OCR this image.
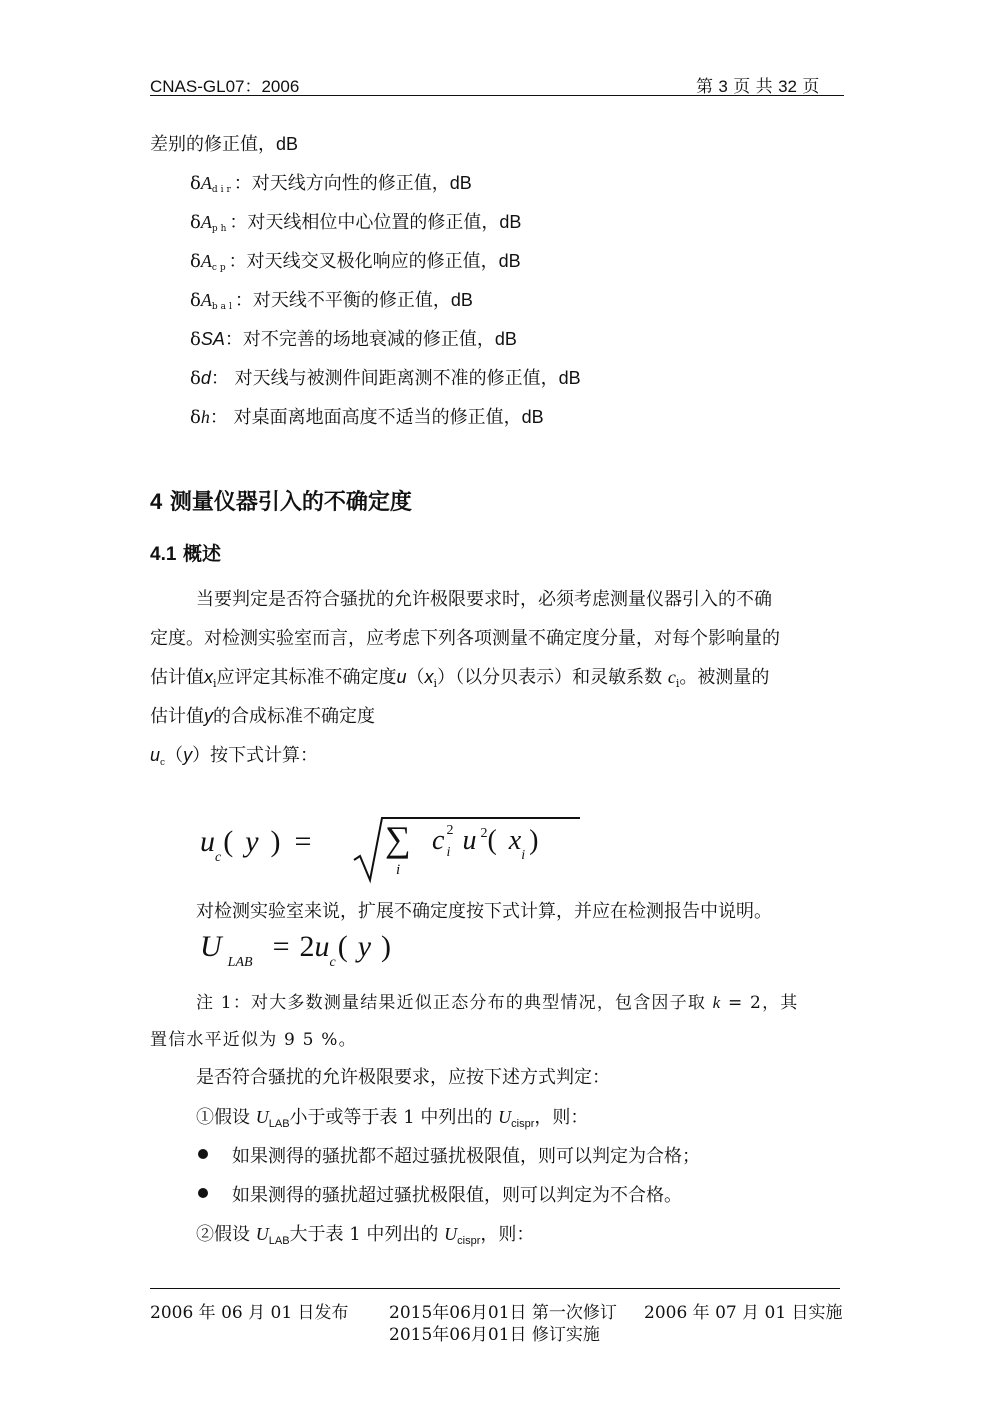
CNAS-GL07：2006	第 3 页 共 32 页
差别的修正值，dB
δAdir：对天线方向性的修正值，dB
δAph：对天线相位中心位置的修正值，dB
δAcp：对天线交叉极化响应的修正值，dB
δAbal：对天线不平衡的修正值，dB
δSA：对不完善的场地衰减的修正值，dB
δd： 对天线与被测件间距离测不准的修正值，dB
δh： 对桌面离地面高度不适当的修正值，dB
4 测量仪器引入的不确定度
4.1 概述
当要判定是否符合骚扰的允许极限要求时，必须考虑测量仪器引入的不确
定度。对检测实验室而言，应考虑下列各项测量不确定度分量，对每个影响量的
估计值$x_i$应评定其标准不确定度$u(x_i)$（以分贝表示）和灵敏系数 $c_i$。被测量的
估计值y的合成标准不确定度
$u_c(y)$按下式计算：
$u_c$( y ) = ∑
i
c 2
i u $^2$( $x_i$ )
对检测实验室来说，扩展不确定度按下式计算，并应在检测报告中说明。
U $_{LAB} = 2u_c$( y )
注 1：对大多数测量结果近似正态分布的典型情况，包含因子取 k = 2，其
置信水平近似为 9 5 %。
是否符合骚扰的允许极限要求，应按下述方式判定：
①假设 $U_{LAB}$小于或等于表 1 中列出的 $U_{cispr}$，则：
如果测得的骚扰都不超过骚扰极限值，则可以判定为合格；
如果测得的骚扰超过骚扰极限值，则可以判定为不合格。
②假设 $U_{LAB}$大于表 1 中列出的 $U_{cispr}$，则：
2006 年 06 月 01 日发布 2015年06月01日 第一次修订
2015年06月01日 修订实施
2006 年 07 月 01 日实施
